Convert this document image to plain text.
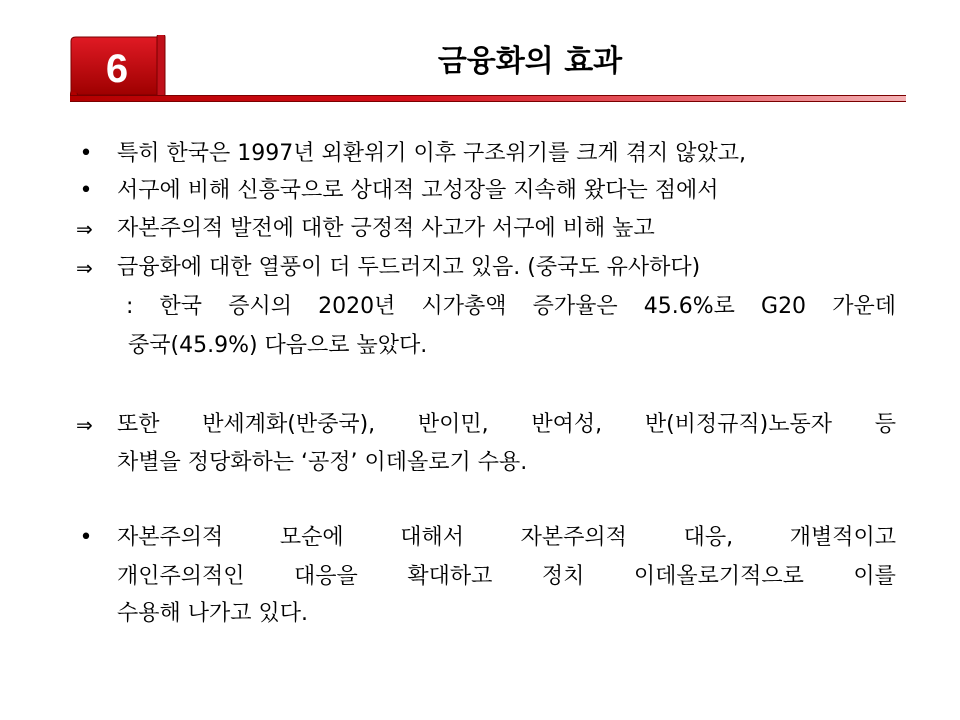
6	금융화의 효과
• 특히 한국은 1997년 외환위기 이후 구조위기를 크게 겪지 않았고,
• 서구에 비해 신흥국으로 상대적 고성장을 지속해 왔다는 점에서
⇒ 자본주의적 발전에 대한 긍정적 사고가 서구에 비해 높고
⇒ 금융화에 대한 열풍이 더 두드러지고 있음. (중국도 유사하다)
: 한국 증시의 2020년 시가총액 증가율은 45.6%로 G20 가운데
중국(45.9%) 다음으로 높았다.
⇒ 또한 반세계화(반중국), 반이민, 반여성, 반(비정규직)노동자 등
차별을 정당화하는 ‘공정’ 이데올로기 수용.
• 자본주의적	모순에	대해서	자본주의적	대응,	개별적이고
개인주의적인 대응을 확대하고 정치 이데올로기적으로 이를
수용해 나가고 있다.
